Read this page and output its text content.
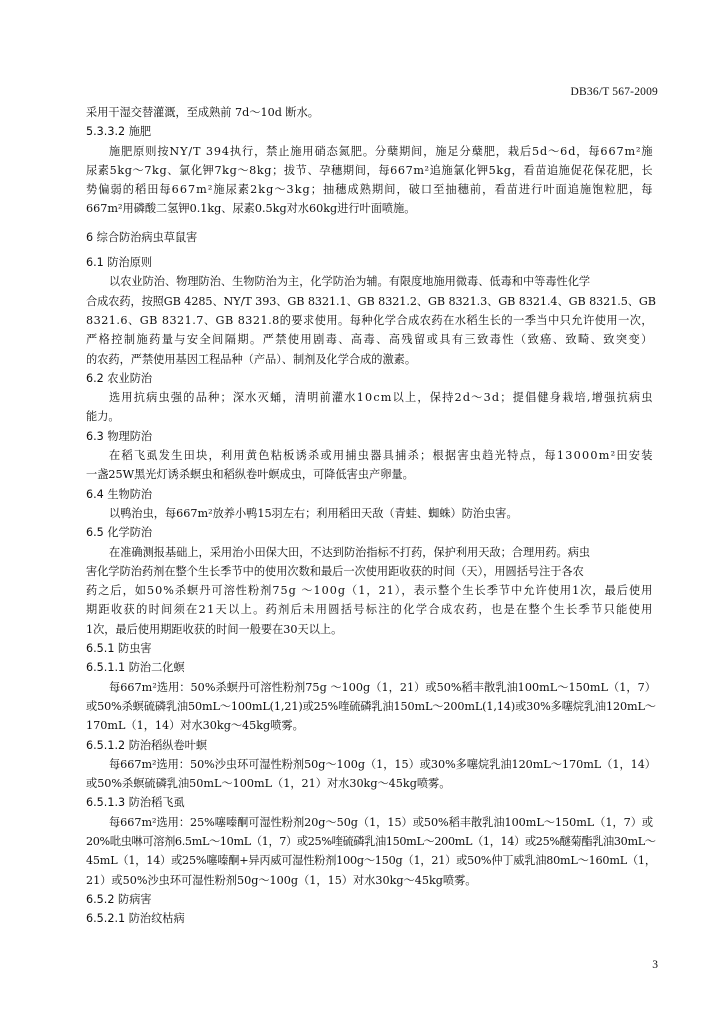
DB36/T 567-2009
采用干湿交替灌溉，至成熟前 7d～10d 断水。
5.3.3.2 施肥
施肥原则按NY/T 394执行，禁止施用硝态氮肥。分蘖期间，施足分蘖肥，栽后5d～6d，每667m²施
尿素5kg～7kg、氯化钾7kg～8kg；拔节、孕穗期间，每667m²追施氯化钾5kg，看苗追施促花保花肥，长
势偏弱的稻田每667m²施尿素2kg～3kg；抽穗成熟期间，破口至抽穗前，看苗进行叶面追施饱粒肥，每
667m²用磷酸二氢钾0.1kg、尿素0.5kg对水60kg进行叶面喷施。
6 综合防治病虫草鼠害
6.1 防治原则
以农业防治、物理防治、生物防治为主，化学防治为辅。有限度地施用微毒、低毒和中等毒性化学
合成农药，按照GB 4285、NY/T 393、GB 8321.1、GB 8321.2、GB 8321.3、GB 8321.4、GB 8321.5、GB
8321.6、GB 8321.7、GB 8321.8的要求使用。每种化学合成农药在水稻生长的一季当中只允许使用一次，
严格控制施药量与安全间隔期。严禁使用剧毒、高毒、高残留或具有三致毒性（致癌、致畸、致突变）
的农药，严禁使用基因工程品种（产品）、制剂及化学合成的激素。
6.2 农业防治
选用抗病虫强的品种；深水灭蛹，清明前灌水10cm以上，保持2d～3d；提倡健身栽培,增强抗病虫
能力。
6.3 物理防治
在稻飞虱发生田块，利用黄色粘板诱杀或用捕虫器具捕杀；根据害虫趋光特点，每13000m²田安装
一盏25W黑光灯诱杀螟虫和稻纵卷叶螟成虫，可降低害虫产卵量。
6.4 生物防治
以鸭治虫，每667m²放养小鸭15羽左右；利用稻田天敌（青蛙、蜘蛛）防治虫害。
6.5 化学防治
在准确测报基础上，采用治小田保大田，不达到防治指标不打药，保护利用天敌；合理用药。病虫
害化学防治药剂在整个生长季节中的使用次数和最后一次使用距收获的时间（天），用圆括号注于各农
药之后，如50%杀螟丹可溶性粉剂75g ～100g（1，21），表示整个生长季节中允许使用1次，最后使用
期距收获的时间须在21天以上。药剂后未用圆括号标注的化学合成农药，也是在整个生长季节只能使用
1次，最后使用期距收获的时间一般要在30天以上。
6.5.1 防虫害
6.5.1.1 防治二化螟
每667m²选用：50%杀螟丹可溶性粉剂75g ～100g（1，21）或50%稻丰散乳油100mL～150mL（1，7）
或50%杀螟硫磷乳油50mL～100mL(1,21)或25%喹硫磷乳油150mL～200mL(1,14)或30%多噻烷乳油120mL～
170mL（1，14）对水30kg～45kg喷雾。
6.5.1.2 防治稻纵卷叶螟
每667m²选用：50%沙虫环可湿性粉剂50g～100g（1，15）或30%多噻烷乳油120mL～170mL（1，14）
或50%杀螟硫磷乳油50mL～100mL（1，21）对水30kg～45kg喷雾。
6.5.1.3 防治稻飞虱
每667m²选用：25%噻嗪酮可湿性粉剂20g～50g（1，15）或50%稻丰散乳油100mL～150mL（1，7）或
20%吡虫啉可溶剂6.5mL～10mL（1，7）或25%喹硫磷乳油150mL～200mL（1，14）或25%醚菊酯乳油30mL～
45mL（1，14）或25%噻嗪酮+异丙威可湿性粉剂100g～150g（1，21）或50%仲丁威乳油80mL～160mL（1，
21）或50%沙虫环可湿性粉剂50g～100g（1，15）对水30kg～45kg喷雾。
6.5.2 防病害
6.5.2.1 防治纹枯病
3
